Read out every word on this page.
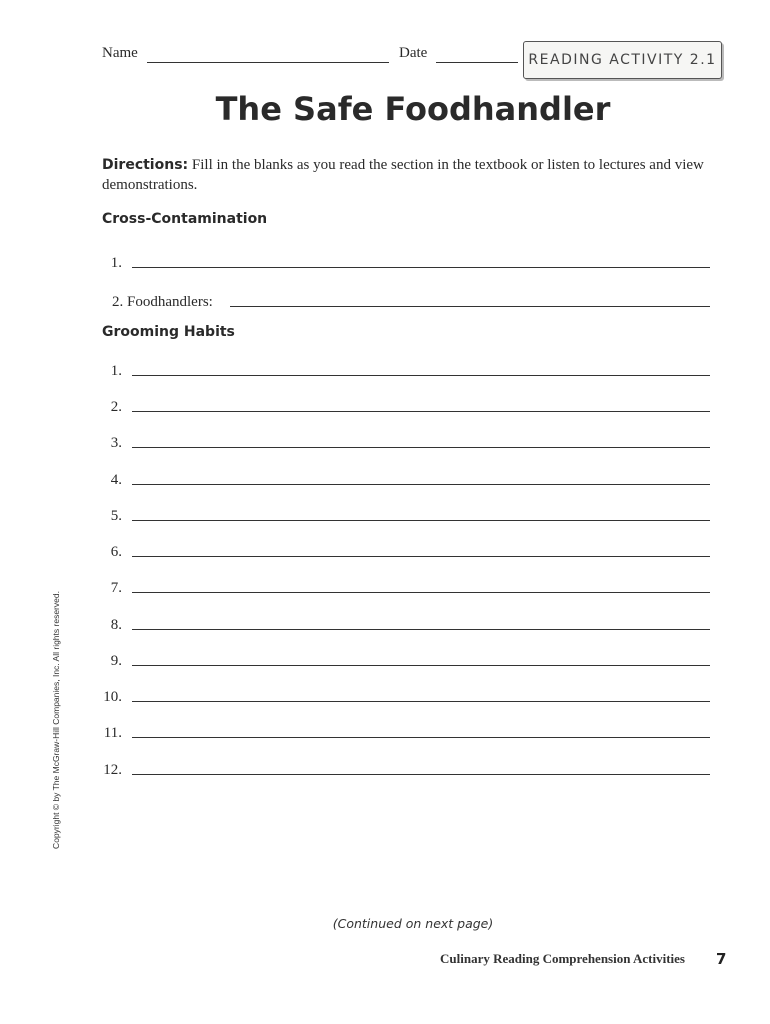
Name	Date	READING ACTIVITY 2.1
The Safe Foodhandler
Directions: Fill in the blanks as you read the section in the textbook or listen to lectures and view demonstrations.
Cross-Contamination
1.
2. Foodhandlers:
Grooming Habits
1.
2.
3.
4.
5.
6.
7.
8.
9.
10.
11.
12.
Copyright © by The McGraw-Hill Companies, Inc. All rights reserved.
(Continued on next page)
Culinary Reading Comprehension Activities 7
